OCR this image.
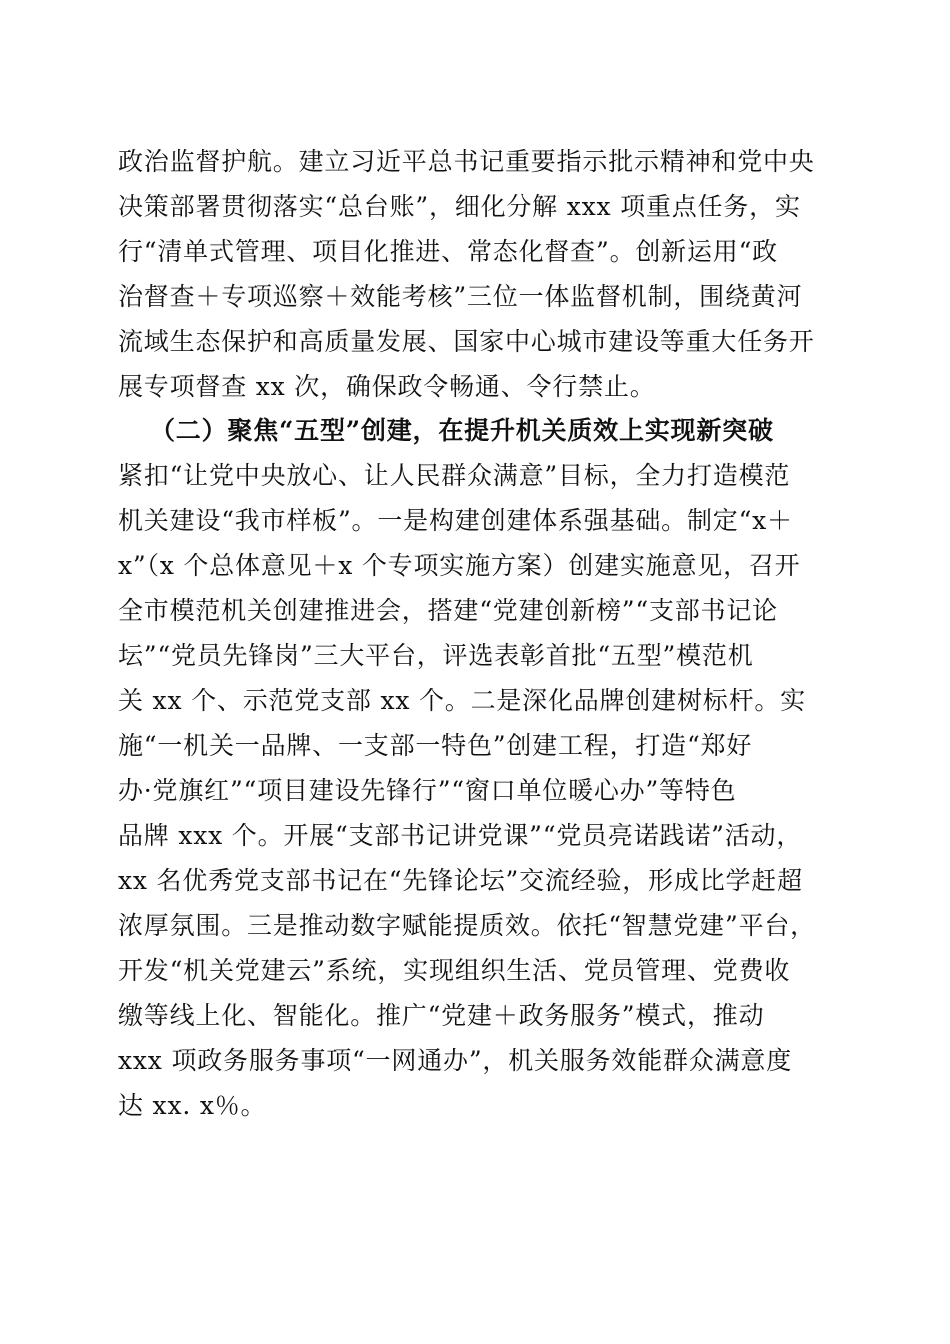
政治监督护航。建立习近平总书记重要指示批示精神和党中央
决策部署贯彻落实“总台账”，细化分解 xxx 项重点任务，实
行“清单式管理、项目化推进、常态化督查”。创新运用“政
治督查＋专项巡察＋效能考核”三位一体监督机制，围绕黄河
流域生态保护和高质量发展、国家中心城市建设等重大任务开
展专项督查 xx 次，确保政令畅通、令行禁止。
（二）聚焦“五型”创建，在提升机关质效上实现新突破
紧扣“让党中央放心、让人民群众满意”目标，全力打造模范
机关建设“我市样板”。一是构建创建体系强基础。制定“x＋
x”（x 个总体意见＋x 个专项实施方案）创建实施意见，召开
全市模范机关创建推进会，搭建“党建创新榜”“支部书记论
坛”“党员先锋岗”三大平台，评选表彰首批“五型”模范机
关 xx 个、示范党支部 xx 个。二是深化品牌创建树标杆。实
施“一机关一品牌、一支部一特色”创建工程，打造“郑好
办·党旗红”“项目建设先锋行”“窗口单位暖心办”等特色
品牌 xxx 个。开展“支部书记讲党课”“党员亮诺践诺”活动，
xx 名优秀党支部书记在“先锋论坛”交流经验，形成比学赶超
浓厚氛围。三是推动数字赋能提质效。依托“智慧党建”平台，
开发“机关党建云”系统，实现组织生活、党员管理、党费收
缴等线上化、智能化。推广“党建＋政务服务”模式，推动
xxx 项政务服务事项“一网通办”，机关服务效能群众满意度
达 xx. x％。
